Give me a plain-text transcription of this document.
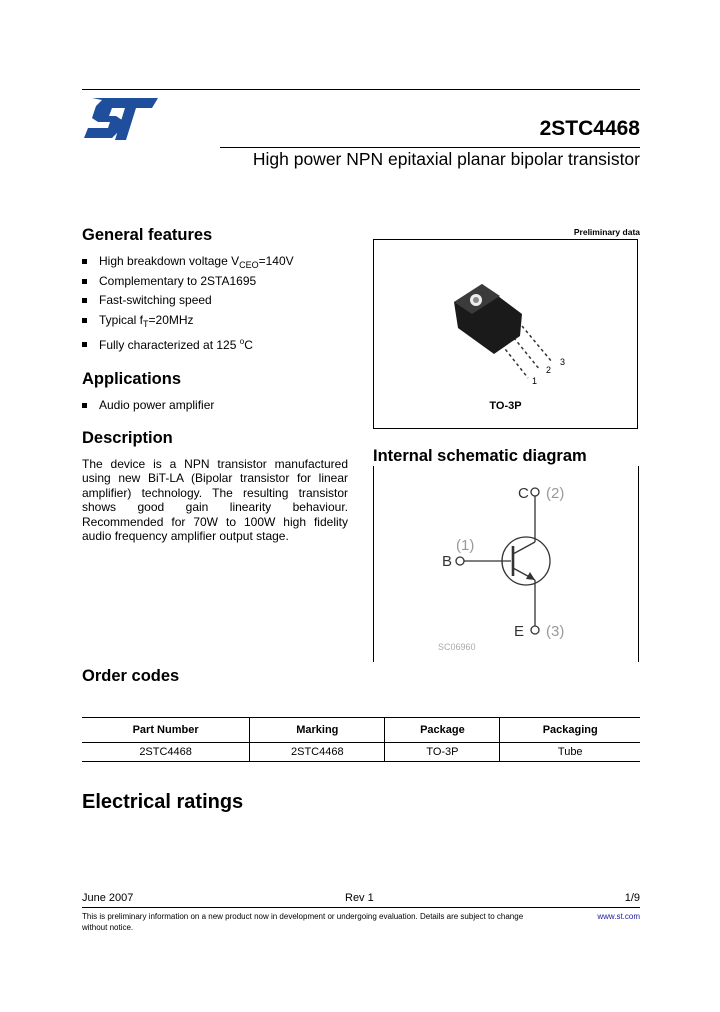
2STC4468
High power NPN epitaxial planar bipolar transistor
General features
High breakdown voltage $V_{CEO}=140V$
Complementary to 2STA1695
Fast-switching speed
Typical $f_T=20MHz$
Fully characterized at 125 $^o$C
Applications
Audio power amplifier
Description
The device is a NPN transistor manufactured using new BiT-LA (Bipolar transistor for linear amplifier) technology. The resulting transistor shows good gain linearity behaviour. Recommended for 70W to 100W high fidelity audio frequency amplifier output stage.
Preliminary data
3
2
1
TO-3P
Internal schematic diagram
C (2)
(1)
B
E (3)
SC06960
Order codes
Part Number	Marking	Package	Packaging
2STC4468	2STC4468	TO-3P	Tube
Electrical ratings
June 2007	Rev 1	1/9
This is preliminary information on a new product now in development or undergoing evaluation. Details are subject to change without notice.
www.st.com
